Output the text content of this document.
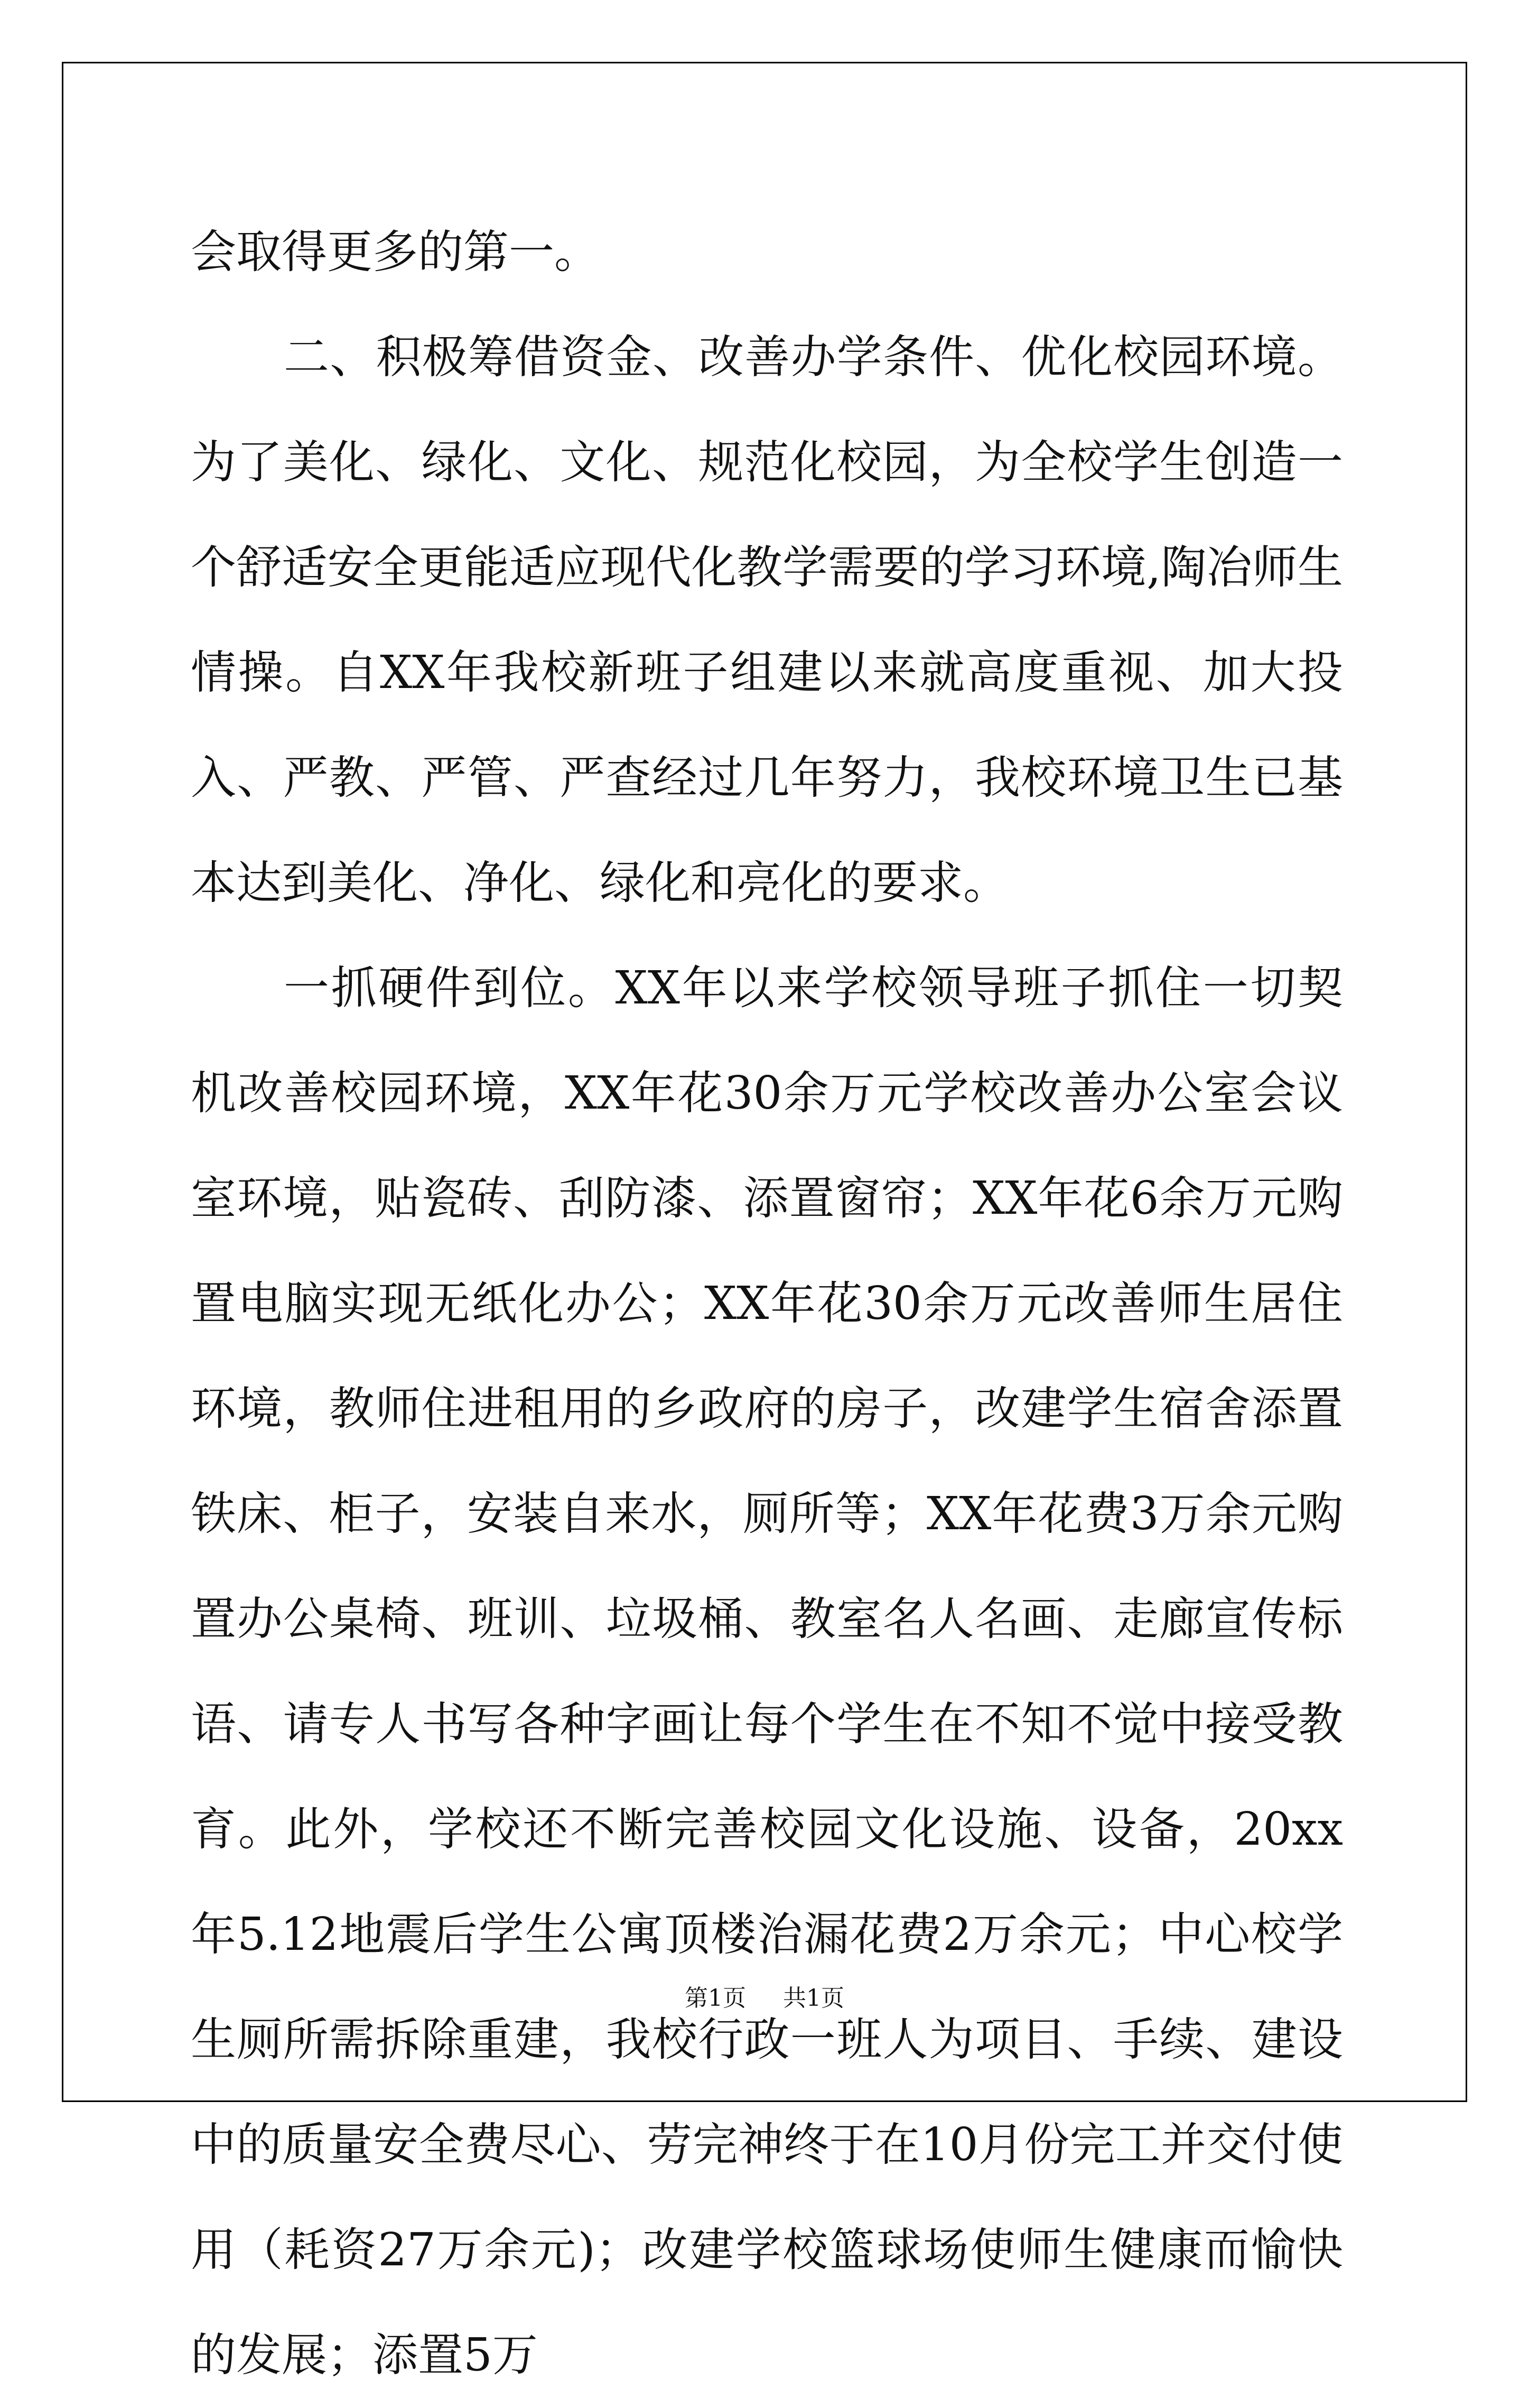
会取得更多的第一。

二、积极筹借资金、改善办学条件、优化校园环境。为了美化、绿化、文化、规范化校园，为全校学生创造一个舒适安全更能适应现代化教学需要的学习环境,陶冶师生情操。自XX年我校新班子组建以来就高度重视、加大投入、严教、严管、严查经过几年努力，我校环境卫生已基本达到美化、净化、绿化和亮化的要求。

一抓硬件到位。XX年以来学校领导班子抓住一切契机改善校园环境，XX年花30余万元学校改善办公室会议室环境，贴瓷砖、刮防漆、添置窗帘；XX年花6余万元购置电脑实现无纸化办公；XX年花30余万元改善师生居住环境，教师住进租用的乡政府的房子，改建学生宿舍添置铁床、柜子，安装自来水，厕所等；XX年花费3万余元购置办公桌椅、班训、垃圾桶、教室名人名画、走廊宣传标语、请专人书写各种字画让每个学生在不知不觉中接受教育。此外，学校还不断完善校园文化设施、设备，20xx年5.12地震后学生公寓顶楼治漏花费2万余元；中心校学生厕所需拆除重建，我校行政一班人为项目、手续、建设中的质量安全费尽心、劳完神终于在10月份完工并交付使用（耗资27万余元)；改建学校篮球场使师生健康而愉快的发展；添置5万

第1页 共1页
